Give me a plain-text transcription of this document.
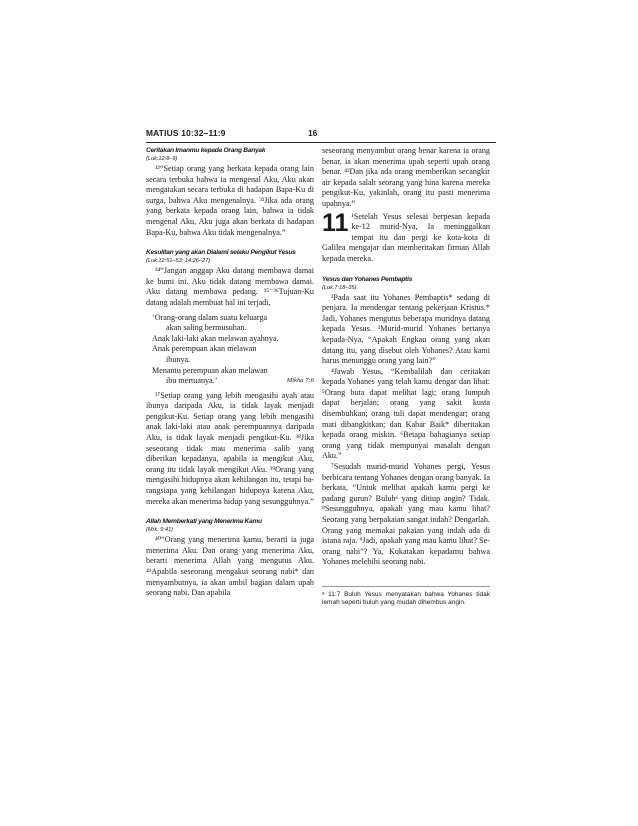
MATIUS 10:32–11:9	16

Ceritakan Imanmu kepada Orang Banyak

(Luk.12:8–9)

³²“Setiap orang yang berkata kepada orang lain secara terbuka bahwa ia mengenal Aku, Aku akan mengatakan secara terbuka di hadapan Bapa-Ku di surga, bahwa Aku mengenalnya. ³³Jika ada orang yang berkata kepada orang lain, bahwa ia tidak mengenal Aku, Aku juga akan berkata di hadapan Bapa-Ku, bahwa Aku tidak mengenalnya.”

Kesulitan yang akan Dialami selaku Pengikut Yesus

(Luk.12:51–53; 14:26–27)

³⁴“Jangan anggap Aku datang membawa damai ke bumi ini. Aku tidak datang membawa damai. Aku datang membawa pedang. ³⁵⁻³⁶Tujuan-Ku datang adalah membuat hal ini terjadi,

‘Orang-orang dalam suatu keluarga

akan saling bermusuhan.

Anak laki-laki akan melawan ayahnya.

Anak perempuan akan melawan

ibunya.

Menantu perempuan akan melawan

ibu mertuanya.’	Mikha 7:6

³⁷Setiap orang yang lebih mengasihi ayah atau ibunya daripada Aku, ia tidak layak menjadi pengikut-Ku. Setiap orang yang lebih mengasihi anak laki-laki atau anak perempuannya daripada Aku, ia tidak layak menjadi pengikut-Ku. ³⁸Jika seseorang tidak mau menerima salib yang diberikan kepadanya, apabila ia mengikut Aku, orang itu tidak layak mengikut Aku. ³⁹Orang yang mengasihi hidupnya akan kehilangan itu, tetapi barangsiapa yang kehilangan hidupnya karena Aku, mereka akan menerima hidup yang sesungguhnya.”

Allah Memberkati yang Menerima Kamu

(Mrk. 9:41)

⁴⁰“Orang yang menerima kamu, berarti ia juga menerima Aku. Dan orang yang menerima Aku, berarti menerima Allah yang mengutus Aku. ⁴¹Apabila seseorang mengakui seorang nabi* dan menyambutnya, ia akan ambil bagian dalam upah seorang nabi. Dan apabila

seseorang menyambut orang benar karena ia orang benar, ia akan menerima upah seperti upah orang benar. ⁴²Dan jika ada orang memberikan secangkir air kepada salah seorang yang hina karena mereka pengikut-Ku, yakinlah, orang itu pasti menerima upahnya.”

11 ¹Setelah Yesus selesai berpesan kepada ke-12 murid-Nya, Ia meninggalkan tempat itu dan pergi ke kota-kota di Galilea mengajar dan memberitakan firman Allah kepada mereka.

Yesus dan Yohanes Pembaptis

(Luk.7:18–35)

²Pada saat itu Yohanes Pembaptis* sedang di penjara. Ia mendengar tentang pekerjaan Kristus.* Jadi, Yohanes mengutus beberapa muridnya datang kepada Yesus. ³Murid-murid Yohanes bertanya kepada-Nya, “Apakah Engkau orang yang akan datang itu, yang disebut oleh Yohanes? Atau kami harus menunggu orang yang lain?”

⁴Jawab Yesus, “Kembalilah dan ceritakan kepada Yohanes yang telah kamu dengar dan lihat: ⁵Orang buta dapat melihat lagi; orang lumpuh dapat berjalan; orang yang sakit kusta disembuhkan; orang tuli dapat mendengar; orang mati dibangkitkan; dan Kabar Baik* diberitakan kepada orang miskin. ⁶Betapa bahagianya setiap orang yang tidak mempunyai masalah dengan Aku.”

⁷Sesudah murid-murid Yohanes pergi, Yesus berbicara tentang Yohanes dengan orang banyak. Ia berkata, “Untuk melihat apakah kamu pergi ke padang gurun? Buluhᵃ yang ditiup angin? Tidak. ⁸Sesungguhnya, apakah yang mau kamu lihat? Seorang yang berpakaian sangat indah? Dengarlah. Orang yang memakai pakaian yang indah ada di istana raja. ⁹Jadi, apakah yang mau kamu lihat? Seorang nabi”? Ya, Kukatakan kepadamu bahwa Yohanes melebihi seorang nabi.

ᵃ 11:7 Buluh Yesus menyatakan bahwa Yohanes tidak lemah seperti buluh yang mudah dihembus angin.
